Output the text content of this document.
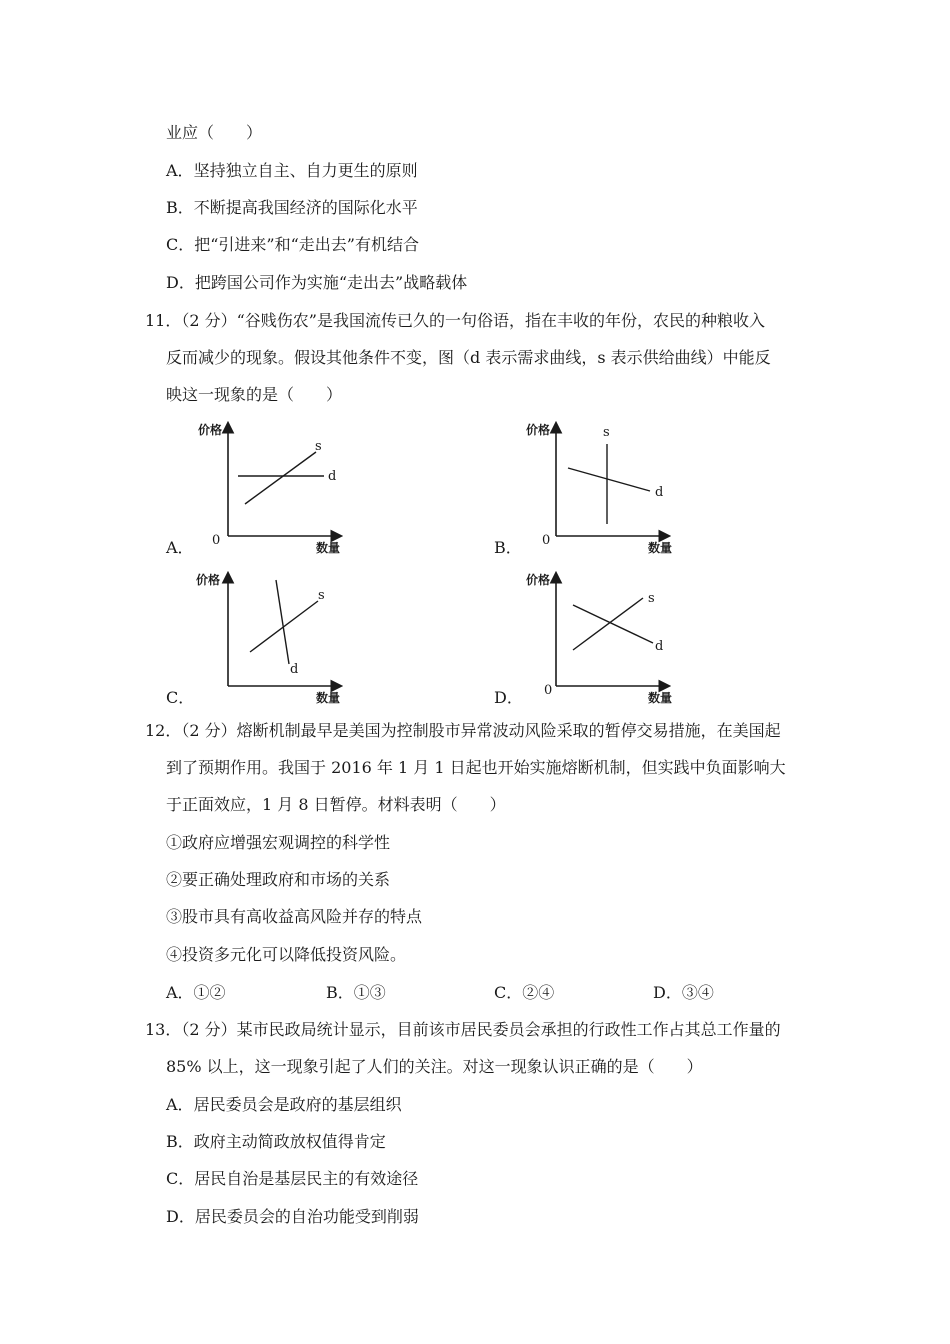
业应（　　）
A．坚持独立自主、自力更生的原则
B．不断提高我国经济的国际化水平
C．把“引进来”和“走出去”有机结合
D．把跨国公司作为实施“走出去”战略载体
11．（2 分）“谷贱伤农”是我国流传已久的一句俗语，指在丰收的年份，农民的种粮收入
反而减少的现象。假设其他条件不变，图（d 表示需求曲线，s 表示供给曲线）中能反
映这一现象的是（　　）
A．	B．
C．	D．
价格
数量
0
s
d
价格
数量
0
s
d
价格
数量
s
d
价格
数量
0
s
d
12．（2 分）熔断机制最早是美国为控制股市异常波动风险采取的暂停交易措施，在美国起
到了预期作用。我国于 2016 年 1 月 1 日起也开始实施熔断机制，但实践中负面影响大
于正面效应，1 月 8 日暂停。材料表明（　　）
①政府应增强宏观调控的科学性
②要正确处理政府和市场的关系
③股市具有高收益高风险并存的特点
④投资多元化可以降低投资风险。
A．①②	B．①③	C．②④	D．③④
13．（2 分）某市民政局统计显示，目前该市居民委员会承担的行政性工作占其总工作量的
85% 以上，这一现象引起了人们的关注。对这一现象认识正确的是（　　）
A．居民委员会是政府的基层组织
B．政府主动简政放权值得肯定
C．居民自治是基层民主的有效途径
D．居民委员会的自治功能受到削弱
